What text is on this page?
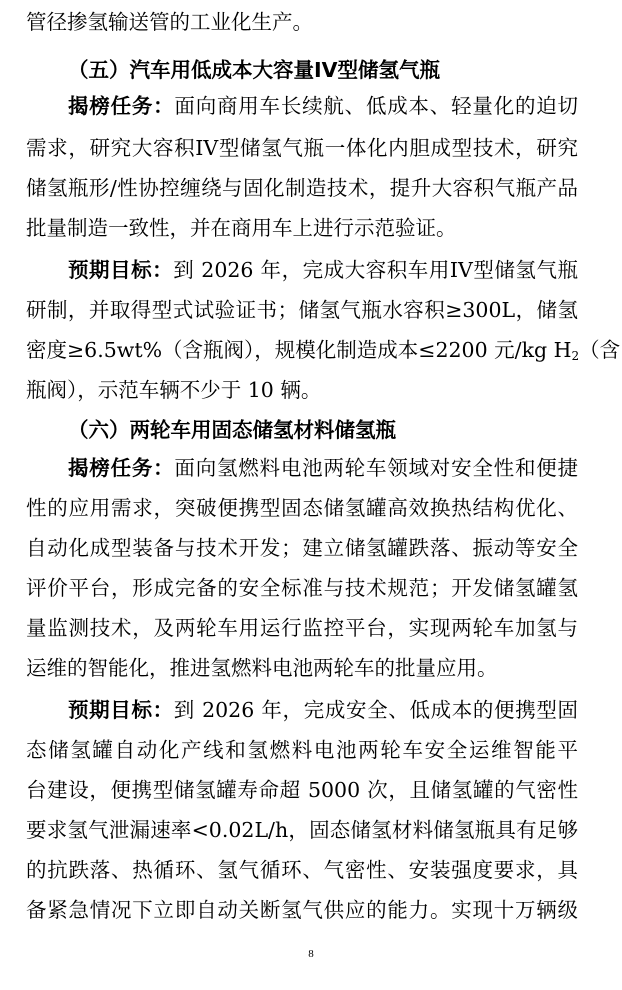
管径掺氢输送管的工业化生产。
（五）汽车用低成本大容量IV型储氢气瓶
揭榜任务：面向商用车长续航、低成本、轻量化的迫切
需求，研究大容积IV型储氢气瓶一体化内胆成型技术，研究
储氢瓶形/性协控缠绕与固化制造技术，提升大容积气瓶产品
批量制造一致性，并在商用车上进行示范验证。
预期目标：到 2026 年，完成大容积车用IV型储氢气瓶
研制，并取得型式试验证书；储氢气瓶水容积≥300L，储氢
密度≥6.5wt%（含瓶阀），规模化制造成本≤2200 元/kg $H_2$（含
瓶阀），示范车辆不少于 10 辆。
（六）两轮车用固态储氢材料储氢瓶
揭榜任务：面向氢燃料电池两轮车领域对安全性和便捷
性的应用需求，突破便携型固态储氢罐高效换热结构优化、
自动化成型装备与技术开发；建立储氢罐跌落、振动等安全
评价平台，形成完备的安全标准与技术规范；开发储氢罐氢
量监测技术，及两轮车用运行监控平台，实现两轮车加氢与
运维的智能化，推进氢燃料电池两轮车的批量应用。
预期目标：到 2026 年，完成安全、低成本的便携型固
态储氢罐自动化产线和氢燃料电池两轮车安全运维智能平
台建设，便携型储氢罐寿命超 5000 次，且储氢罐的气密性
要求氢气泄漏速率<0.02L/h，固态储氢材料储氢瓶具有足够
的抗跌落、热循环、氢气循环、气密性、安装强度要求，具
备紧急情况下立即自动关断氢气供应的能力。实现十万辆级
8
